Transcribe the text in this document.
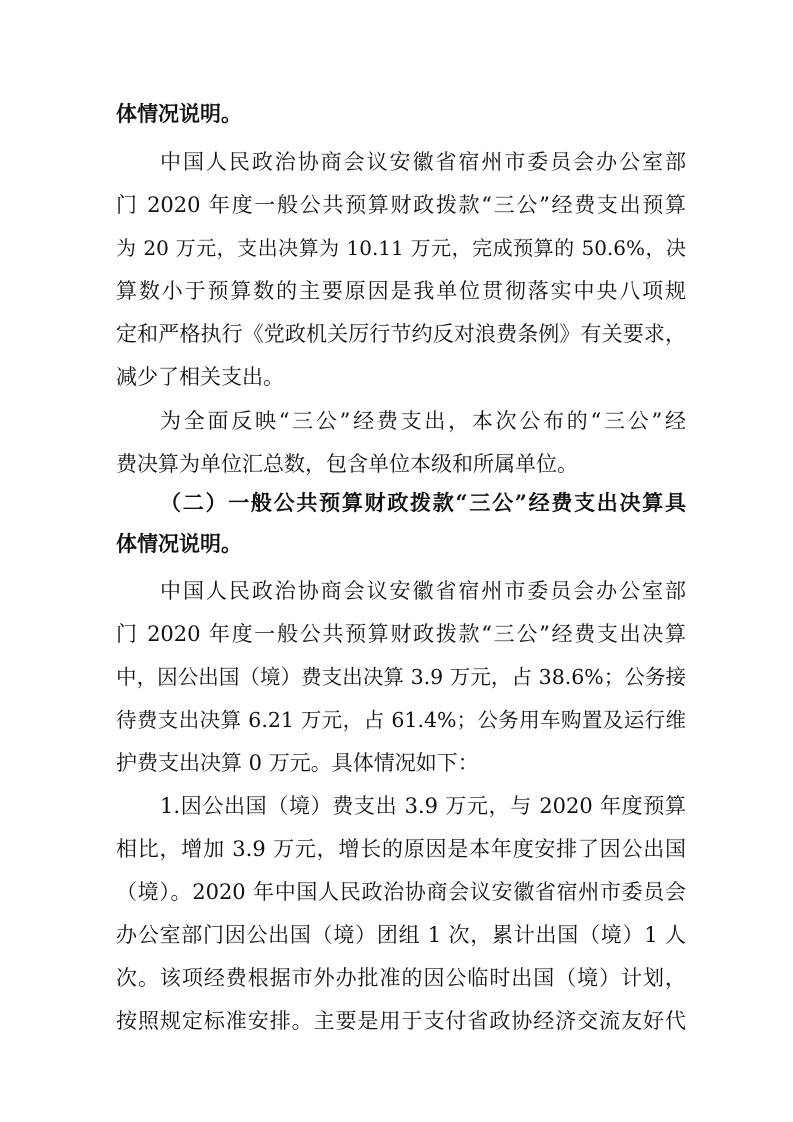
体情况说明。
中国人民政治协商会议安徽省宿州市委员会办公室部
门 2020 年度一般公共预算财政拨款“三公”经费支出预算
为 20 万元，支出决算为 10.11 万元，完成预算的 50.6%，决
算数小于预算数的主要原因是我单位贯彻落实中央八项规
定和严格执行《党政机关厉行节约反对浪费条例》有关要求，
减少了相关支出。
为全面反映“三公”经费支出，本次公布的“三公”经
费决算为单位汇总数，包含单位本级和所属单位。
（二）一般公共预算财政拨款“三公”经费支出决算具
体情况说明。
中国人民政治协商会议安徽省宿州市委员会办公室部
门 2020 年度一般公共预算财政拨款“三公”经费支出决算
中，因公出国（境）费支出决算 3.9 万元，占 38.6%；公务接
待费支出决算 6.21 万元，占 61.4%；公务用车购置及运行维
护费支出决算 0 万元。具体情况如下：
1.因公出国（境）费支出 3.9 万元，与 2020 年度预算
相比，增加 3.9 万元，增长的原因是本年度安排了因公出国
（境）。2020 年中国人民政治协商会议安徽省宿州市委员会
办公室部门因公出国（境）团组 1 次，累计出国（境）1 人
次。该项经费根据市外办批准的因公临时出国（境）计划，
按照规定标准安排。主要是用于支付省政协经济交流友好代
